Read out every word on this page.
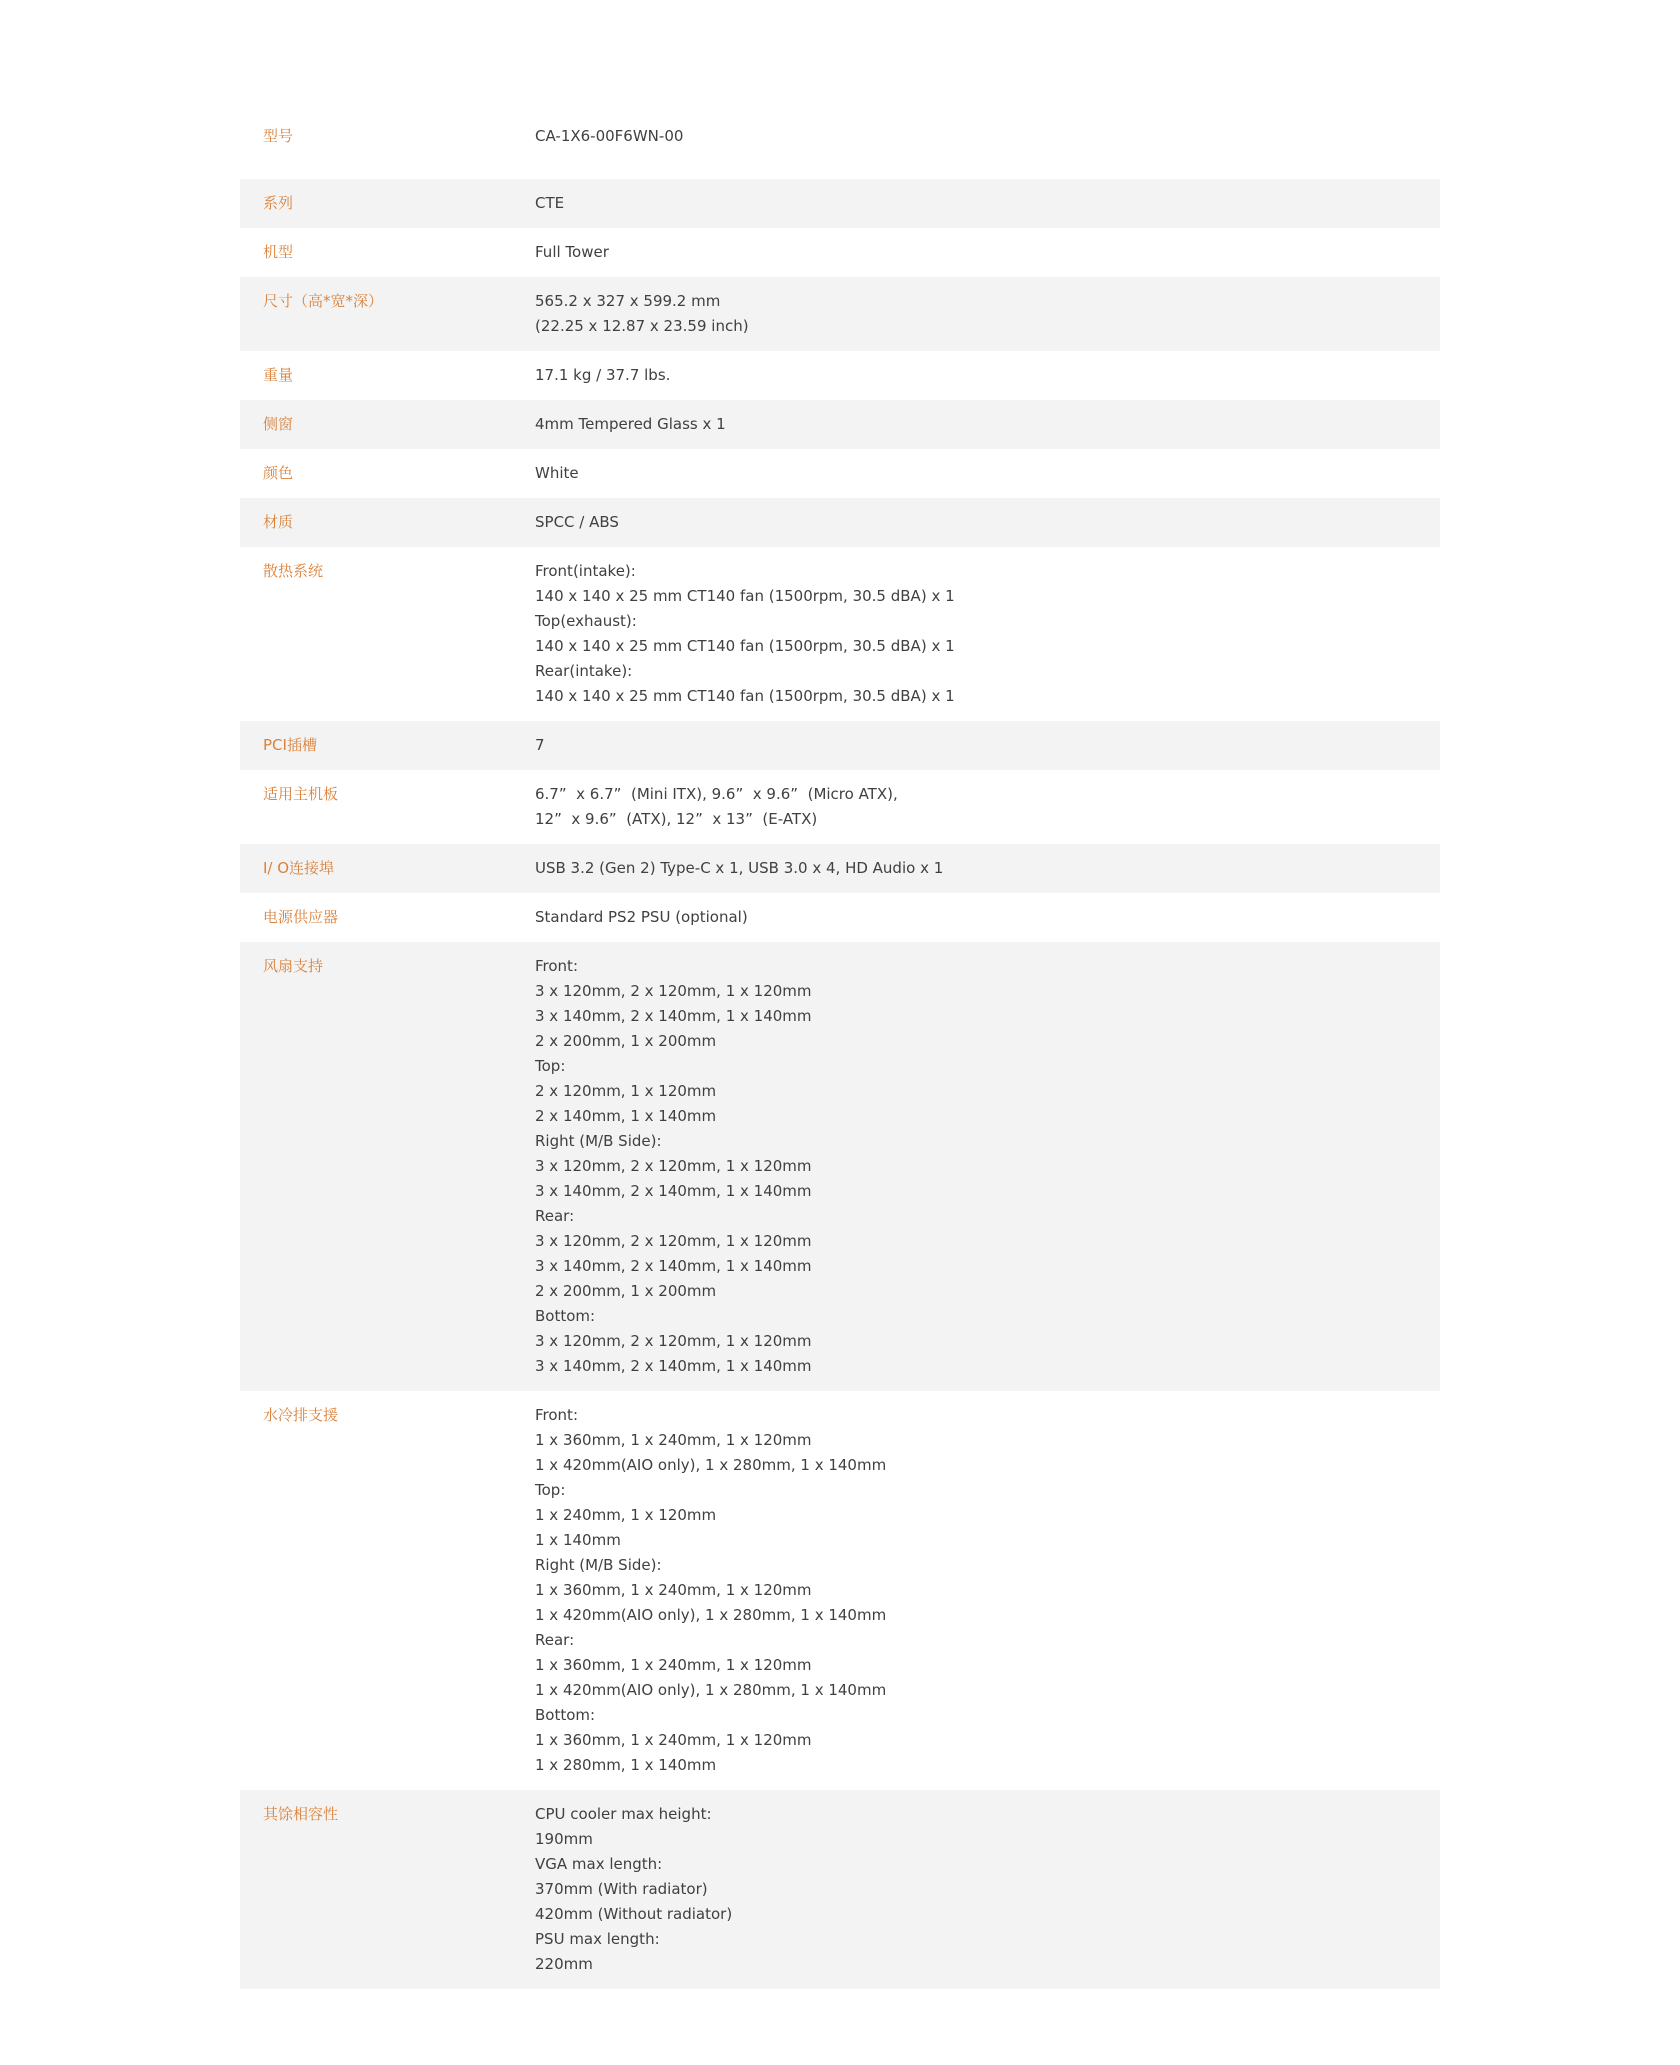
型号	CA-1X6-00F6WN-00
系列	CTE
机型	Full Tower
尺寸（高*宽*深）	565.2 x 327 x 599.2 mm
(22.25 x 12.87 x 23.59 inch)
重量	17.1 kg / 37.7 lbs.
侧窗	4mm Tempered Glass x 1
颜色	White
材质	SPCC / ABS
散热系统	Front(intake):
140 x 140 x 25 mm CT140 fan (1500rpm, 30.5 dBA) x 1
Top(exhaust):
140 x 140 x 25 mm CT140 fan (1500rpm, 30.5 dBA) x 1
Rear(intake):
140 x 140 x 25 mm CT140 fan (1500rpm, 30.5 dBA) x 1
PCI插槽	7
适用主机板	6.7”  x 6.7”  (Mini ITX), 9.6”  x 9.6”  (Micro ATX),
12”  x 9.6”  (ATX), 12”  x 13”  (E-ATX)
I/ O连接埠	USB 3.2 (Gen 2) Type-C x 1, USB 3.0 x 4, HD Audio x 1
电源供应器	Standard PS2 PSU (optional)
风扇支持	Front:
3 x 120mm, 2 x 120mm, 1 x 120mm
3 x 140mm, 2 x 140mm, 1 x 140mm
2 x 200mm, 1 x 200mm
Top:
2 x 120mm, 1 x 120mm
2 x 140mm, 1 x 140mm
Right (M/B Side):
3 x 120mm, 2 x 120mm, 1 x 120mm
3 x 140mm, 2 x 140mm, 1 x 140mm
Rear:
3 x 120mm, 2 x 120mm, 1 x 120mm
3 x 140mm, 2 x 140mm, 1 x 140mm
2 x 200mm, 1 x 200mm
Bottom:
3 x 120mm, 2 x 120mm, 1 x 120mm
3 x 140mm, 2 x 140mm, 1 x 140mm
水冷排支援	Front:
1 x 360mm, 1 x 240mm, 1 x 120mm
1 x 420mm(AIO only), 1 x 280mm, 1 x 140mm
Top:
1 x 240mm, 1 x 120mm
1 x 140mm
Right (M/B Side):
1 x 360mm, 1 x 240mm, 1 x 120mm
1 x 420mm(AIO only), 1 x 280mm, 1 x 140mm
Rear:
1 x 360mm, 1 x 240mm, 1 x 120mm
1 x 420mm(AIO only), 1 x 280mm, 1 x 140mm
Bottom:
1 x 360mm, 1 x 240mm, 1 x 120mm
1 x 280mm, 1 x 140mm
其馀相容性	CPU cooler max height:
190mm
VGA max length:
370mm (With radiator)
420mm (Without radiator)
PSU max length:
220mm
